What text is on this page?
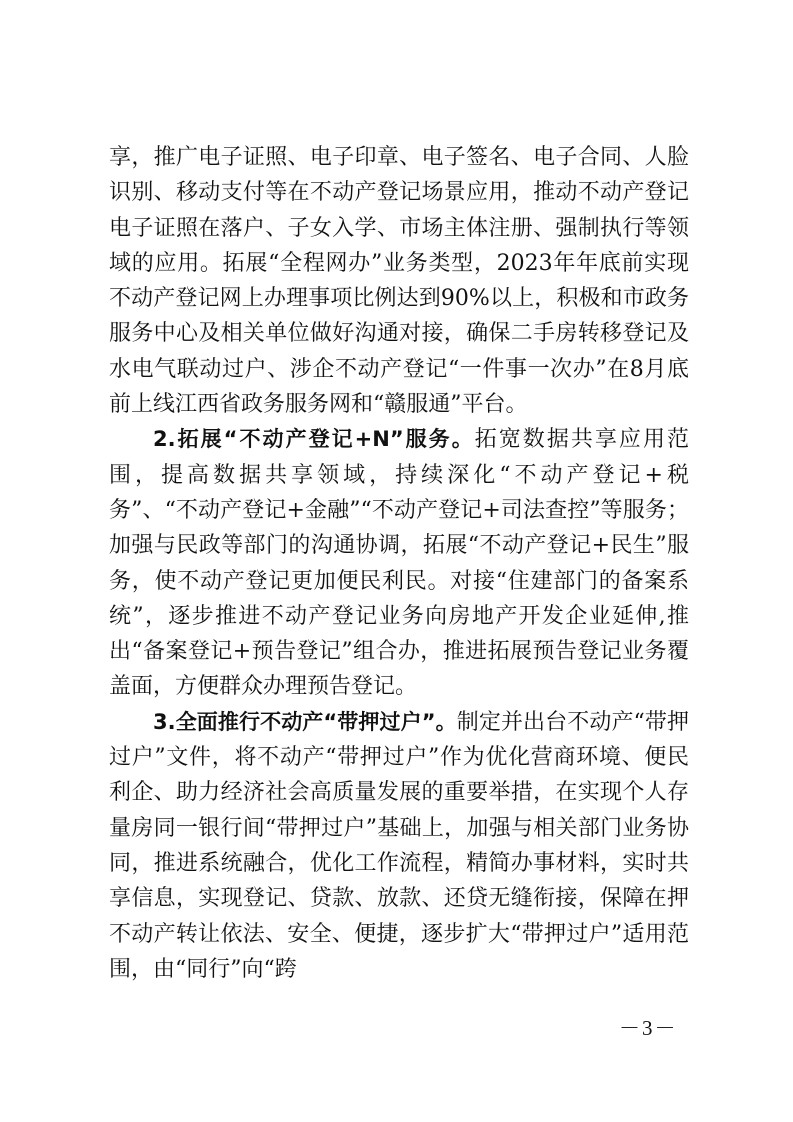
享，推广电子证照、电子印章、电子签名、电子合同、人脸识别、移动支付等在不动产登记场景应用，推动不动产登记电子证照在落户、子女入学、市场主体注册、强制执行等领域的应用。拓展“全程网办”业务类型，2023年年底前实现不动产登记网上办理事项比例达到90%以上，积极和市政务服务中心及相关单位做好沟通对接，确保二手房转移登记及水电气联动过户、涉企不动产登记“一件事一次办”在8月底前上线江西省政务服务网和“赣服通”平台。

2.拓展“不动产登记+N”服务。拓宽数据共享应用范围，提高数据共享领域，持续深化“不动产登记+税务”、“不动产登记+金融”“不动产登记+司法查控”等服务；加强与民政等部门的沟通协调，拓展“不动产登记+民生”服务，使不动产登记更加便民利民。对接“住建部门的备案系统”，逐步推进不动产登记业务向房地产开发企业延伸,推出“备案登记+预告登记”组合办，推进拓展预告登记业务覆盖面，方便群众办理预告登记。

3.全面推行不动产“带押过户”。制定并出台不动产“带押过户”文件，将不动产“带押过户”作为优化营商环境、便民利企、助力经济社会高质量发展的重要举措，在实现个人存量房同一银行间“带押过户”基础上，加强与相关部门业务协同，推进系统融合，优化工作流程，精简办事材料，实时共享信息，实现登记、贷款、放款、还贷无缝衔接，保障在押不动产转让依法、安全、便捷，逐步扩大“带押过户”适用范围，由“同行”向“跨

－3－
